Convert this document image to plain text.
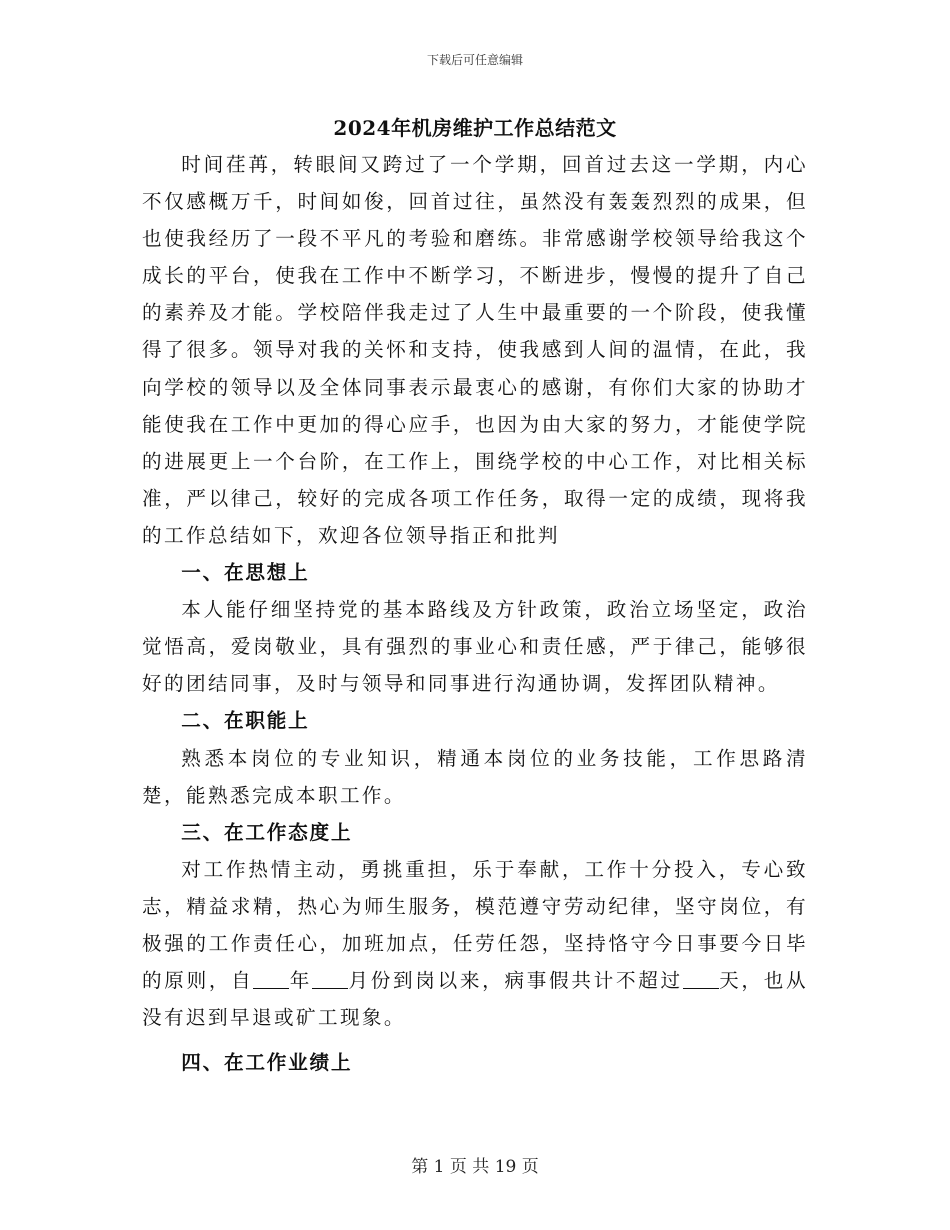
下载后可任意编辑
2024年机房维护工作总结范文

时间荏苒，转眼间又跨过了一个学期，回首过去这一学期，内心不仅感概万千，时间如俊，回首过往，虽然没有轰轰烈烈的成果，但也使我经历了一段不平凡的考验和磨练。非常感谢学校领导给我这个成长的平台，使我在工作中不断学习，不断进步，慢慢的提升了自己的素养及才能。学校陪伴我走过了人生中最重要的一个阶段，使我懂得了很多。领导对我的关怀和支持，使我感到人间的温情，在此，我向学校的领导以及全体同事表示最衷心的感谢，有你们大家的协助才能使我在工作中更加的得心应手，也因为由大家的努力，才能使学院的进展更上一个台阶，在工作上，围绕学校的中心工作，对比相关标准，严以律己，较好的完成各项工作任务，取得一定的成绩，现将我的工作总结如下，欢迎各位领导指正和批判

一、在思想上

本人能仔细坚持党的基本路线及方针政策，政治立场坚定，政治觉悟高，爱岗敬业，具有强烈的事业心和责任感，严于律己，能够很好的团结同事，及时与领导和同事进行沟通协调，发挥团队精神。

二、在职能上

熟悉本岗位的专业知识，精通本岗位的业务技能，工作思路清楚，能熟悉完成本职工作。

三、在工作态度上

对工作热情主动，勇挑重担，乐于奉献，工作十分投入，专心致志，精益求精，热心为师生服务，模范遵守劳动纪律，坚守岗位，有极强的工作责任心，加班加点，任劳任怨，坚持恪守今日事要今日毕的原则，自 年 月份到岗以来，病事假共计不超过 天，也从没有迟到早退或矿工现象。

四、在工作业绩上

第 1 页 共 19 页
